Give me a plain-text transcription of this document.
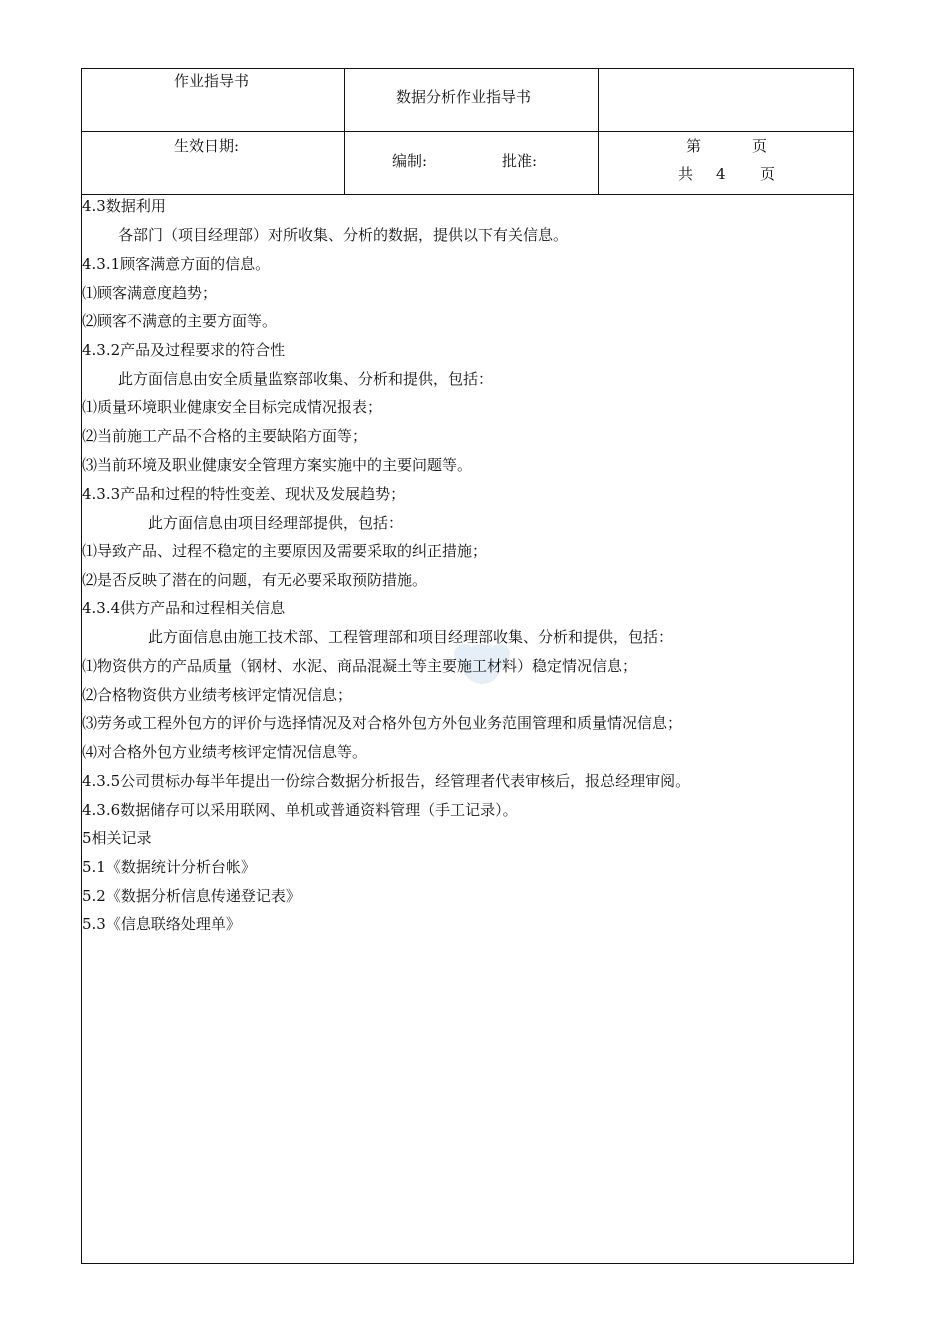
作业指导书
数据分析作业指导书
生效日期:
编制:	批准:
第	页
共 4 页
4.3数据利用
各部门（项目经理部）对所收集、分析的数据，提供以下有关信息。
4.3.1顾客满意方面的信息。
⑴顾客满意度趋势；
⑵顾客不满意的主要方面等。
4.3.2产品及过程要求的符合性
此方面信息由安全质量监察部收集、分析和提供，包括：
⑴质量环境职业健康安全目标完成情况报表；
⑵当前施工产品不合格的主要缺陷方面等；
⑶当前环境及职业健康安全管理方案实施中的主要问题等。
4.3.3产品和过程的特性变差、现状及发展趋势；
此方面信息由项目经理部提供，包括：
⑴导致产品、过程不稳定的主要原因及需要采取的纠正措施；
⑵是否反映了潜在的问题，有无必要采取预防措施。
4.3.4供方产品和过程相关信息
此方面信息由施工技术部、工程管理部和项目经理部收集、分析和提供，包括：
⑴物资供方的产品质量（钢材、水泥、商品混凝土等主要施工材料）稳定情况信息；
⑵合格物资供方业绩考核评定情况信息；
⑶劳务或工程外包方的评价与选择情况及对合格外包方外包业务范围管理和质量情况信息；
⑷对合格外包方业绩考核评定情况信息等。
4.3.5公司贯标办每半年提出一份综合数据分析报告，经管理者代表审核后，报总经理审阅。
4.3.6数据储存可以采用联网、单机或普通资料管理（手工记录）。
5相关记录
5.1《数据统计分析台帐》
5.2《数据分析信息传递登记表》
5.3《信息联络处理单》
